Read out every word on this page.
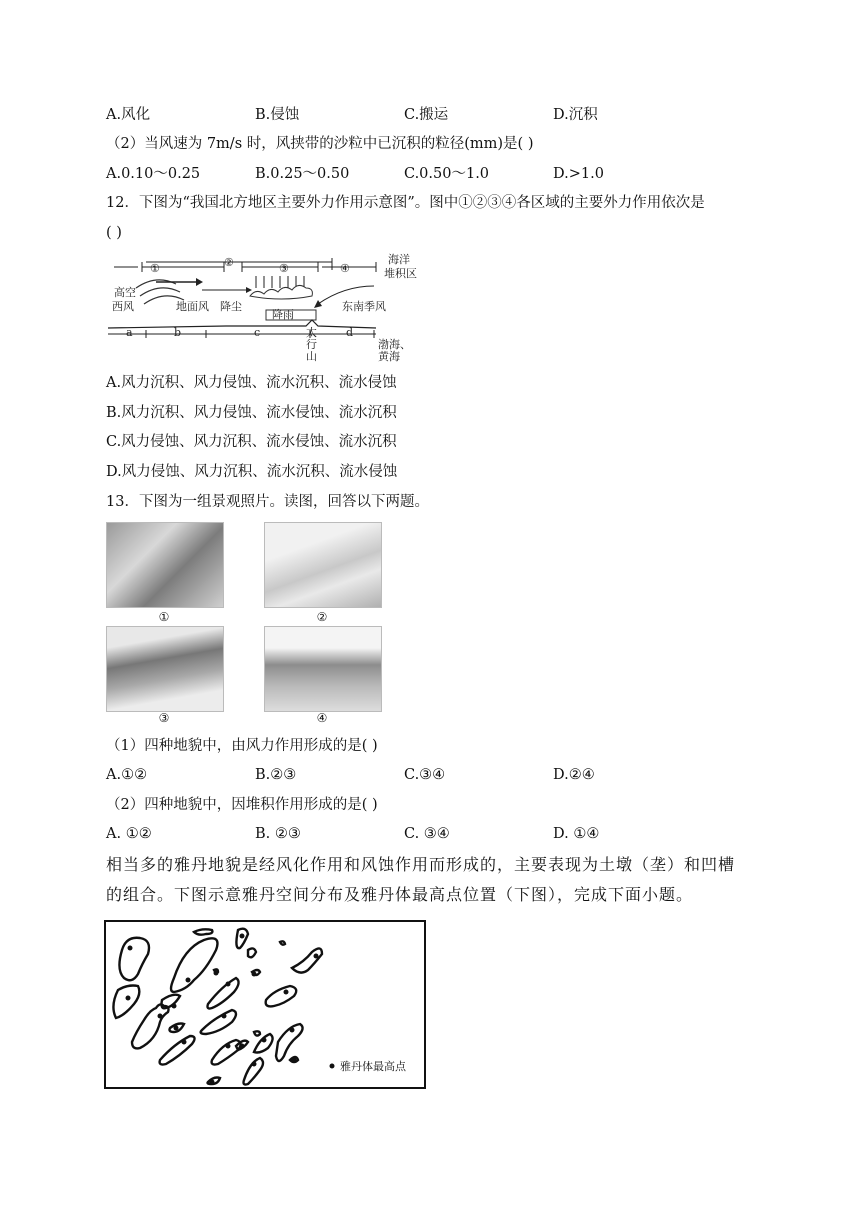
A.风化	B.侵蚀	C.搬运	D.沉积
（2）当风速为 7m/s 时，风挟带的沙粒中已沉积的粒径(mm)是( )
A.0.10～0.25	B.0.25～0.50	C.0.50～1.0	D.>1.0
12．下图为“我国北方地区主要外力作用示意图”。图中①②③④各区域的主要外力作用依次是
( )
①	②	③	④
海洋
堆积区
高空
西风	地面风 降尘
降雨
东南季风
a	b	c	d
太
行
山
渤海、
黄海
A.风力沉积、风力侵蚀、流水沉积、流水侵蚀
B.风力沉积、风力侵蚀、流水侵蚀、流水沉积
C.风力侵蚀、风力沉积、流水侵蚀、流水沉积
D.风力侵蚀、风力沉积、流水沉积、流水侵蚀
13．下图为一组景观照片。读图，回答以下两题。
①	②
③	④
（1）四种地貌中，由风力作用形成的是( )
A.①②	B.②③	C.③④	D.②④
（2）四种地貌中，因堆积作用形成的是( )
A. ①②	B. ②③	C. ③④	D. ①④
相当多的雅丹地貌是经风化作用和风蚀作用而形成的，主要表现为土墩（垄）和凹槽
的组合。下图示意雅丹空间分布及雅丹体最高点位置（下图），完成下面小题。
雅丹体最高点
